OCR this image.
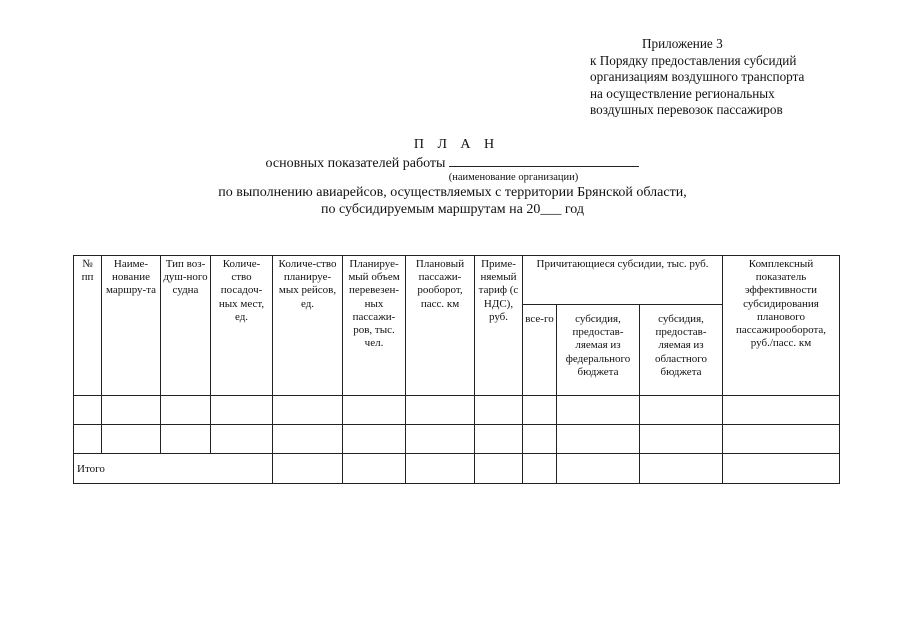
Приложение 3
к Порядку предоставления субсидий
организациям воздушного транспорта
на осуществление региональных
воздушных перевозок пассажиров
П Л А Н
основных показателей работы
(наименование организации)
по выполнению авиарейсов, осуществляемых с территории Брянской области,
по субсидируемым маршрутам на 20___ год
№ пп	Наиме-нование маршру-та	Тип воз-душ-ного судна	Количе-ство посадоч-ных мест, ед.	Количе-ство планируе-мых рейсов, ед.	Планируе-мый объем перевезен-ных пассажи-ров, тыс. чел.	Плановый пассажи-рооборот, пасс. км	Приме-няемый тариф (с НДС), руб.	Причитающиеся субсидии, тыс. руб.			Комплексный показатель эффективности субсидирования планового пассажирооборота, руб./пасс. км
								все-го	субсидия, предостав-ляемая из федерального бюджета	субсидия, предостав-ляемая из областного бюджета	

Итого											
